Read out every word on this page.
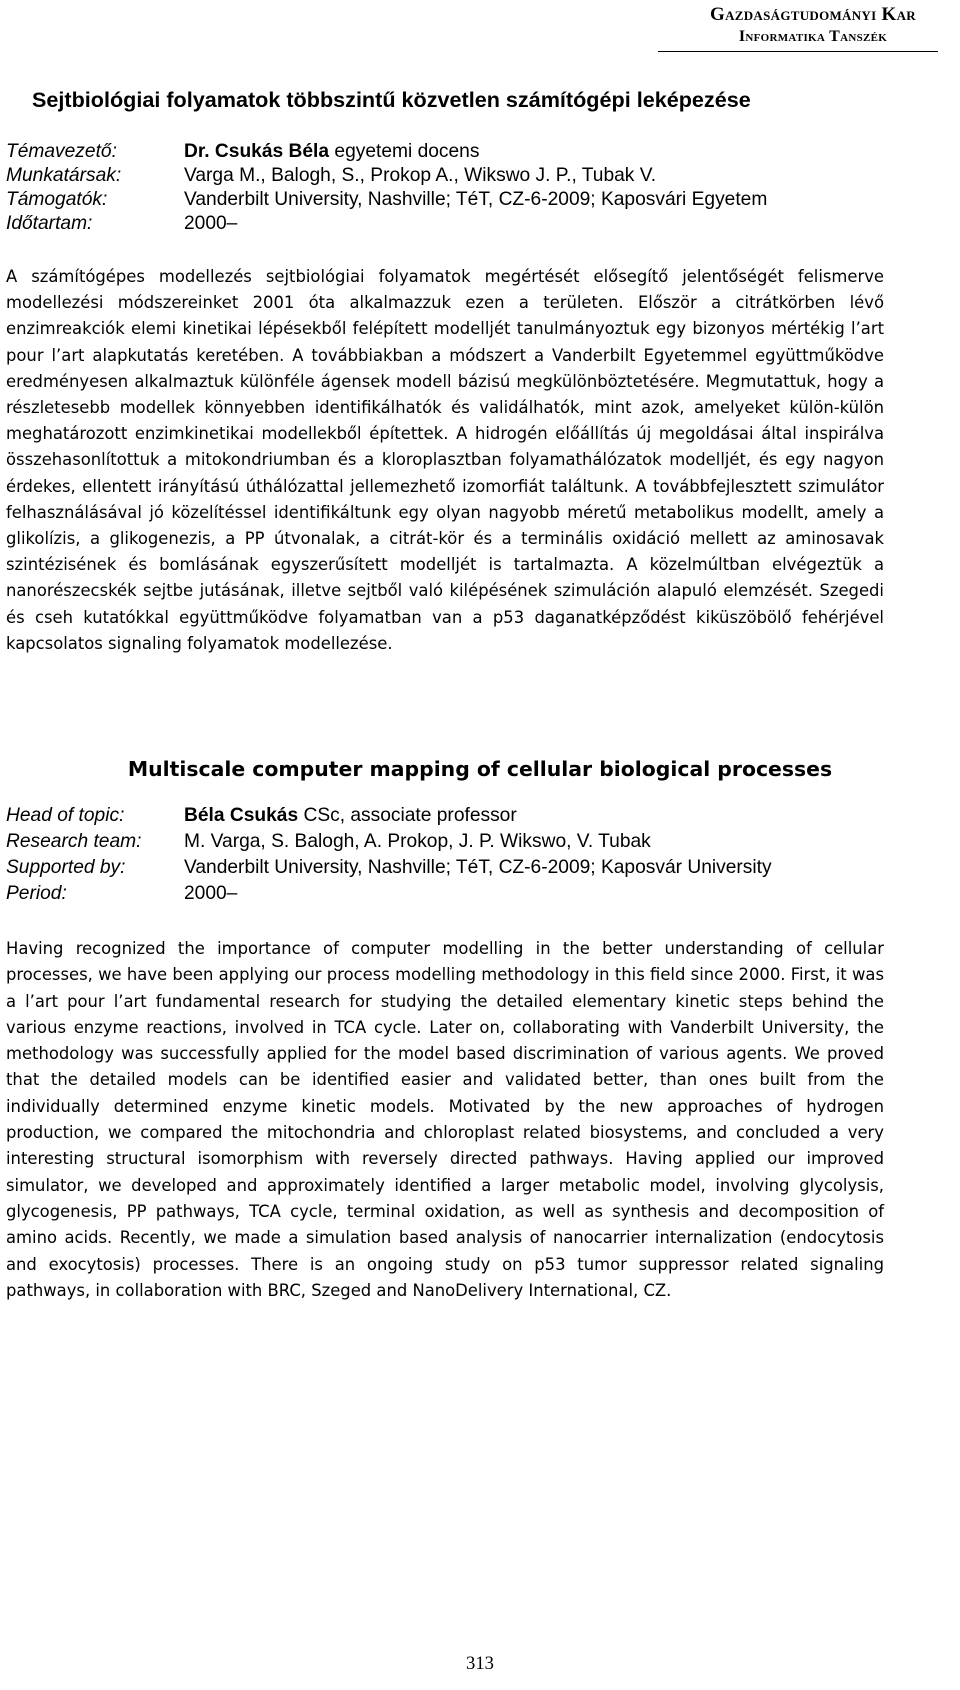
Gazdaságtudományi Kar
Informatika Tanszék
Sejtbiológiai folyamatok többszintű közvetlen számítógépi leképezése
Témavezető:	Dr. Csukás Béla egyetemi docens
Munkatársak:	Varga M., Balogh, S., Prokop A., Wikswo J. P., Tubak V.
Támogatók:	Vanderbilt University, Nashville; TéT, CZ-6-2009; Kaposvári Egyetem
Időtartam:	2000–

A számítógépes modellezés sejtbiológiai folyamatok megértését elősegítő jelentőségét felismerve modellezési módszereinket 2001 óta alkalmazzuk ezen a területen. Először a citrátkörben lévő enzimreakciók elemi kinetikai lépésekből felépített modelljét tanulmányoztuk egy bizonyos mértékig l’art pour l’art alapkutatás keretében. A továbbiakban a módszert a Vanderbilt Egyetemmel együttműködve eredményesen alkalmaztuk különféle ágensek modell bázisú megkülönböztetésére. Megmutattuk, hogy a részletesebb modellek könnyebben identifikálhatók és validálhatók, mint azok, amelyeket külön-külön meghatározott enzimkinetikai modellekből építettek. A hidrogén előállítás új megoldásai által inspirálva összehasonlítottuk a mitokondriumban és a kloroplasztban folyamathálózatok modelljét, és egy nagyon érdekes, ellentett irányítású úthálózattal jellemezhető izomorfiát találtunk. A továbbfejlesztett szimulátor felhasználásával jó közelítéssel identifikáltunk egy olyan nagyobb méretű metabolikus modellt, amely a glikolízis, a glikogenezis, a PP útvonalak, a citrát-kör és a terminális oxidáció mellett az aminosavak szintézisének és bomlásának egyszerűsített modelljét is tartalmazta. A közelmúltban elvégeztük a nanorészecskék sejtbe jutásának, illetve sejtből való kilépésének szimuláción alapuló elemzését. Szegedi és cseh kutatókkal együttműködve folyamatban van a p53 daganatképződést kiküszöbölő fehérjével kapcsolatos signaling folyamatok modellezése.

Multiscale computer mapping of cellular biological processes
Head of topic:	Béla Csukás CSc, associate professor
Research team:	M. Varga, S. Balogh, A. Prokop, J. P. Wikswo, V. Tubak
Supported by:	Vanderbilt University, Nashville; TéT, CZ-6-2009; Kaposvár University
Period:	2000–

Having recognized the importance of computer modelling in the better understanding of cellular processes, we have been applying our process modelling methodology in this field since 2000. First, it was a l’art pour l’art fundamental research for studying the detailed elementary kinetic steps behind the various enzyme reactions, involved in TCA cycle. Later on, collaborating with Vanderbilt University, the methodology was successfully applied for the model based discrimination of various agents. We proved that the detailed models can be identified easier and validated better, than ones built from the individually determined enzyme kinetic models. Motivated by the new approaches of hydrogen production, we compared the mitochondria and chloroplast related biosystems, and concluded a very interesting structural isomorphism with reversely directed pathways. Having applied our improved simulator, we developed and approximately identified a larger metabolic model, involving glycolysis, glycogenesis, PP pathways, TCA cycle, terminal oxidation, as well as synthesis and decomposition of amino acids. Recently, we made a simulation based analysis of nanocarrier internalization (endocytosis and exocytosis) processes. There is an ongoing study on p53 tumor suppressor related signaling pathways, in collaboration with BRC, Szeged and NanoDelivery International, CZ.

313
